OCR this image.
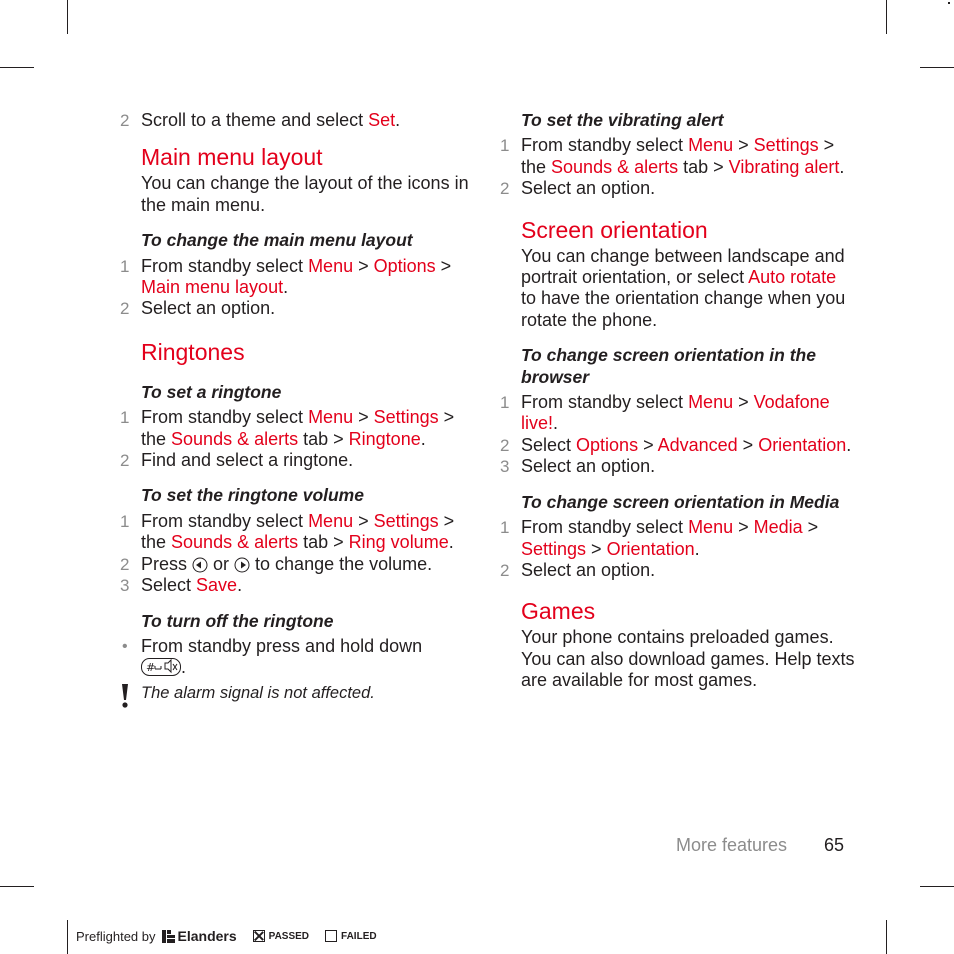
2 Scroll to a theme and select Set.
Main menu layout
You can change the layout of the icons in the main menu.
To change the main menu layout
1 From standby select Menu > Options > Main menu layout.
2 Select an option.
Ringtones
To set a ringtone
1 From standby select Menu > Settings > the Sounds & alerts tab > Ringtone.
2 Find and select a ringtone.
To set the ringtone volume
1 From standby select Menu > Settings > the Sounds & alerts tab > Ring volume.
2 Press  or  to change the volume.
3 Select Save.
To turn off the ringtone
• From standby press and hold down

# .
The alarm signal is not affected.
To set the vibrating alert
1 From standby select Menu > Settings > the Sounds & alerts tab > Vibrating alert.
2 Select an option.
Screen orientation
You can change between landscape and portrait orientation, or select Auto rotate to have the orientation change when you rotate the phone.
To change screen orientation in the browser
1 From standby select Menu > Vodafone live!.
2 Select Options > Advanced > Orientation.
3 Select an option.
To change screen orientation in Media
1 From standby select Menu > Media > Settings > Orientation.
2 Select an option.
Games
Your phone contains preloaded games. You can also download games. Help texts are available for most games.
More features 65
Preflighted by Elanders	PASSED	FAILED
